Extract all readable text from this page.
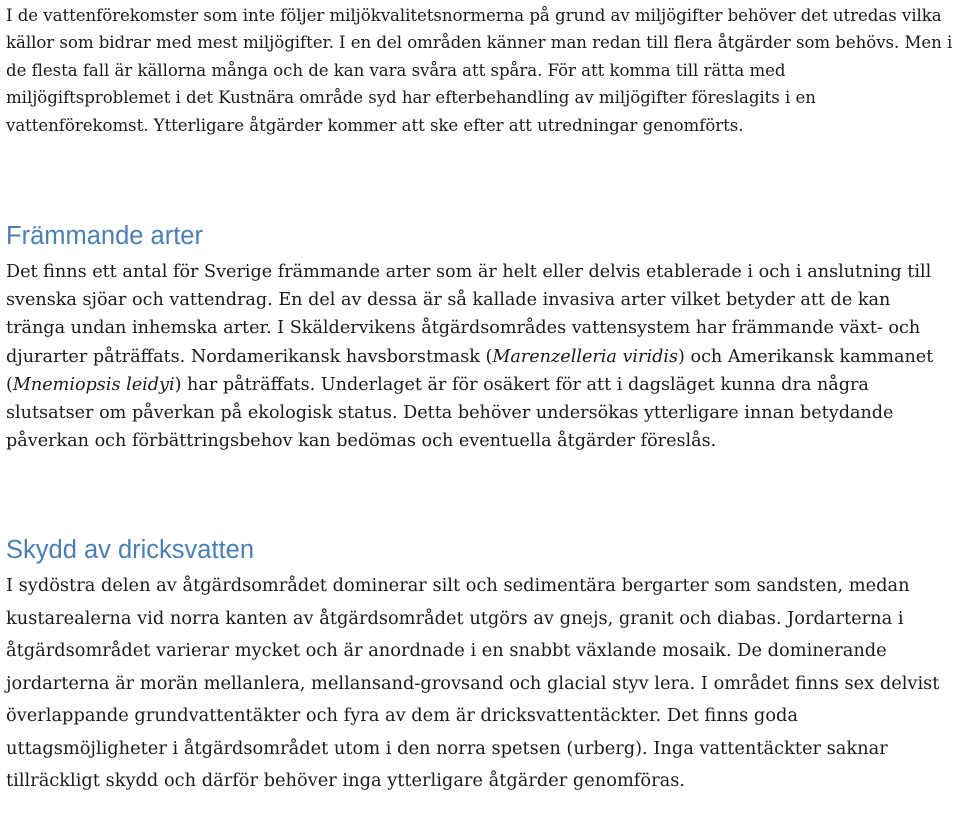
I de vattenförekomster som inte följer miljökvalitetsnormerna på grund av miljögifter behöver det utredas vilka källor som bidrar med mest miljögifter. I en del områden känner man redan till flera åtgärder som behövs. Men i de flesta fall är källorna många och de kan vara svåra att spåra. För att komma till rätta med miljögiftsproblemet i det Kustnära område syd har efterbehandling av miljögifter föreslagits i en vattenförekomst. Ytterligare åtgärder kommer att ske efter att utredningar genomförts.

Främmande arter

Det finns ett antal för Sverige främmande arter som är helt eller delvis etablerade i och i anslutning till svenska sjöar och vattendrag. En del av dessa är så kallade invasiva arter vilket betyder att de kan tränga undan inhemska arter. I Skäldervikens åtgärdsområdes vattensystem har främmande växt- och djurarter påträffats. Nordamerikansk havsborstmask (Marenzelleria viridis) och Amerikansk kammanet (Mnemiopsis leidyi) har påträffats. Underlaget är för osäkert för att i dagsläget kunna dra några slutsatser om påverkan på ekologisk status. Detta behöver undersökas ytterligare innan betydande påverkan och förbättringsbehov kan bedömas och eventuella åtgärder föreslås.

Skydd av dricksvatten

I sydöstra delen av åtgärdsområdet dominerar silt och sedimentära bergarter som sandsten, medan kustarealerna vid norra kanten av åtgärdsområdet utgörs av gnejs, granit och diabas. Jordarterna i åtgärdsområdet varierar mycket och är anordnade i en snabbt växlande mosaik. De dominerande jordarterna är morän mellanlera, mellansand-grovsand och glacial styv lera. I området finns sex delvist överlappande grundvattentäkter och fyra av dem är dricksvattentäckter. Det finns goda uttagsmöjligheter i åtgärdsområdet utom i den norra spetsen (urberg). Inga vattentäckter saknar tillräckligt skydd och därför behöver inga ytterligare åtgärder genomföras.
